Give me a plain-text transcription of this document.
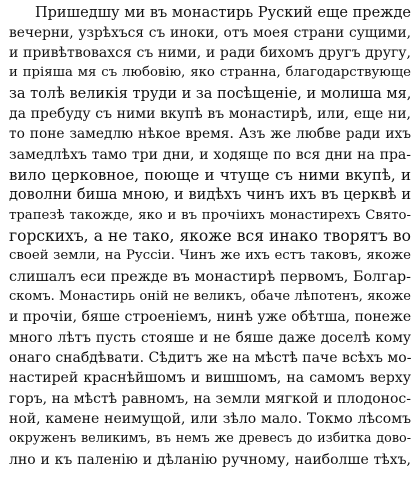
Пришедшу ми въ монастирь Руский еще прежде
вечерни, узрѣхъся съ иноки, отъ моея страни сущими,
и привѣтвовахся съ ними, и ради бихомъ другъ другу,
и пріяша мя съ любовію, яко странна, благодарствующе
за толѣ великія труди и за посѣщеніе, и молиша мя,
да пребуду съ ними вкупѣ въ монастирѣ, или, еще ни,
то поне замедлю нѣкое время. Азъ же любве ради ихъ
замедлѣхъ тамо три дни, и ходяще по вся дни на пра-
вило церковное, поюще и чтуще съ ними вкупѣ, и
доволни биша мною, и видѣхъ чинъ ихъ въ церквѣ и
трапезѣ такожде, яко и въ прочіихъ монастирехъ Свято-
горскихъ, а не тако, якоже вся инако творятъ во
своей земли, на Руссіи. Чинъ же ихъ естъ таковъ, якоже
слишалъ еси прежде въ монастирѣ первомъ, Болгар-
скомъ. Монастирь оній не великъ, обаче лѣпотенъ, якоже
и прочіи, бяше строеніемъ, нинѣ уже обѣтша, понеже
много лѣтъ пусть стояше и не бяше даже доселѣ кому
онаго снабдѣвати. Сѣдитъ же на мѣстѣ паче всѣхъ мо-
настирей краснѣйшомъ и вишшомъ, на самомъ верху
горъ, на мѣстѣ равномъ, на земли мягкой и плодонос-
ной, камене неимущой, или зѣло мало. Токмо лѣсомъ
окруженъ великимъ, въ немъ же древесъ до избитка дово-
лно и къ паленію и дѣланію ручному, наиболше тѣхъ,
